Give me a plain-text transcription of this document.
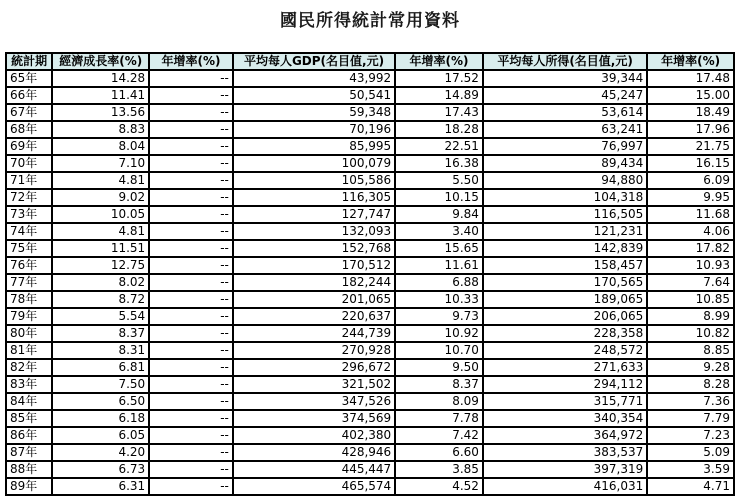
國民所得統計常用資料
統計期	經濟成長率(%)	年增率(%)	平均每人GDP(名目值,元)	年增率(%)	平均每人所得(名目值,元)	年增率(%)
65年	14.28	--	43,992	17.52	39,344	17.48
66年	11.41	--	50,541	14.89	45,247	15.00
67年	13.56	--	59,348	17.43	53,614	18.49
68年	8.83	--	70,196	18.28	63,241	17.96
69年	8.04	--	85,995	22.51	76,997	21.75
70年	7.10	--	100,079	16.38	89,434	16.15
71年	4.81	--	105,586	5.50	94,880	6.09
72年	9.02	--	116,305	10.15	104,318	9.95
73年	10.05	--	127,747	9.84	116,505	11.68
74年	4.81	--	132,093	3.40	121,231	4.06
75年	11.51	--	152,768	15.65	142,839	17.82
76年	12.75	--	170,512	11.61	158,457	10.93
77年	8.02	--	182,244	6.88	170,565	7.64
78年	8.72	--	201,065	10.33	189,065	10.85
79年	5.54	--	220,637	9.73	206,065	8.99
80年	8.37	--	244,739	10.92	228,358	10.82
81年	8.31	--	270,928	10.70	248,572	8.85
82年	6.81	--	296,672	9.50	271,633	9.28
83年	7.50	--	321,502	8.37	294,112	8.28
84年	6.50	--	347,526	8.09	315,771	7.36
85年	6.18	--	374,569	7.78	340,354	7.79
86年	6.05	--	402,380	7.42	364,972	7.23
87年	4.20	--	428,946	6.60	383,537	5.09
88年	6.73	--	445,447	3.85	397,319	3.59
89年	6.31	--	465,574	4.52	416,031	4.71
